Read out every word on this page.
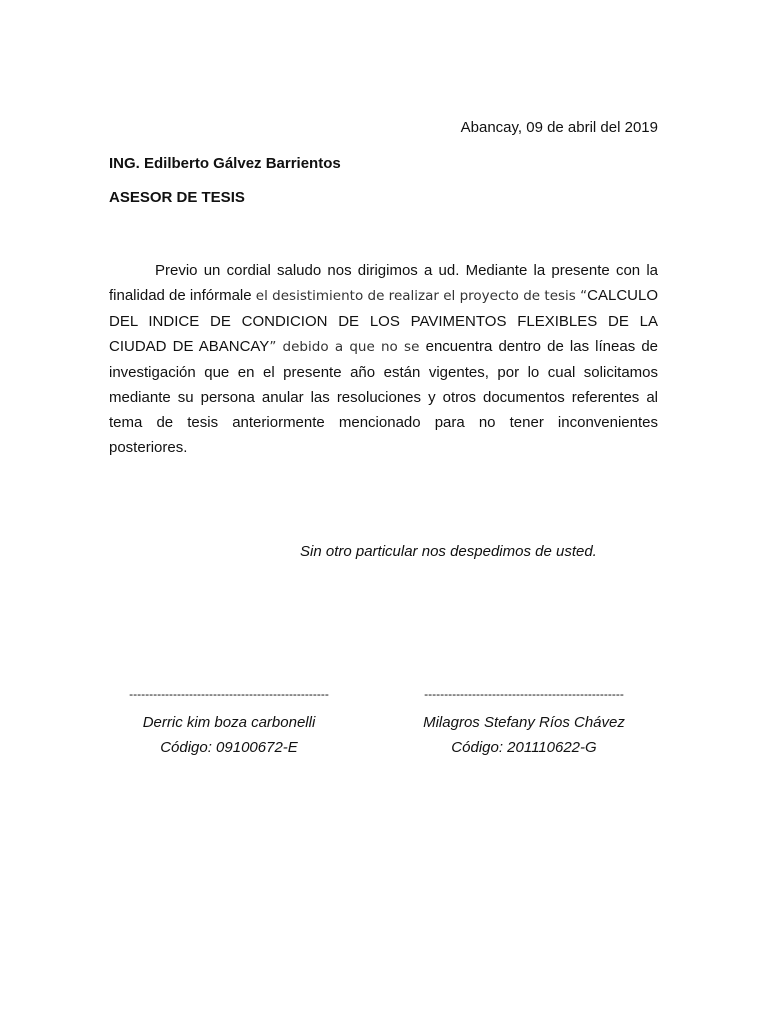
Abancay, 09 de abril del 2019
ING. Edilberto Gálvez Barrientos
ASESOR DE TESIS
Previo un cordial saludo nos dirigimos a ud. Mediante la presente con la finalidad de infórmale el desistimiento de realizar el proyecto de tesis “CALCULO DEL INDICE DE CONDICION DE LOS PAVIMENTOS FLEXIBLES DE LA CIUDAD DE ABANCAY” debido a que no se encuentra dentro de las líneas de investigación que en el presente año están vigentes, por lo cual solicitamos mediante su persona anular las resoluciones y otros documentos referentes al tema de tesis anteriormente mencionado para no tener inconvenientes posteriores.
Sin otro particular nos despedimos de usted.
--------------------------------------------------
Derric kim boza carbonelli
Código: 09100672-E
--------------------------------------------------
Milagros Stefany Ríos Chávez
Código: 201110622-G
